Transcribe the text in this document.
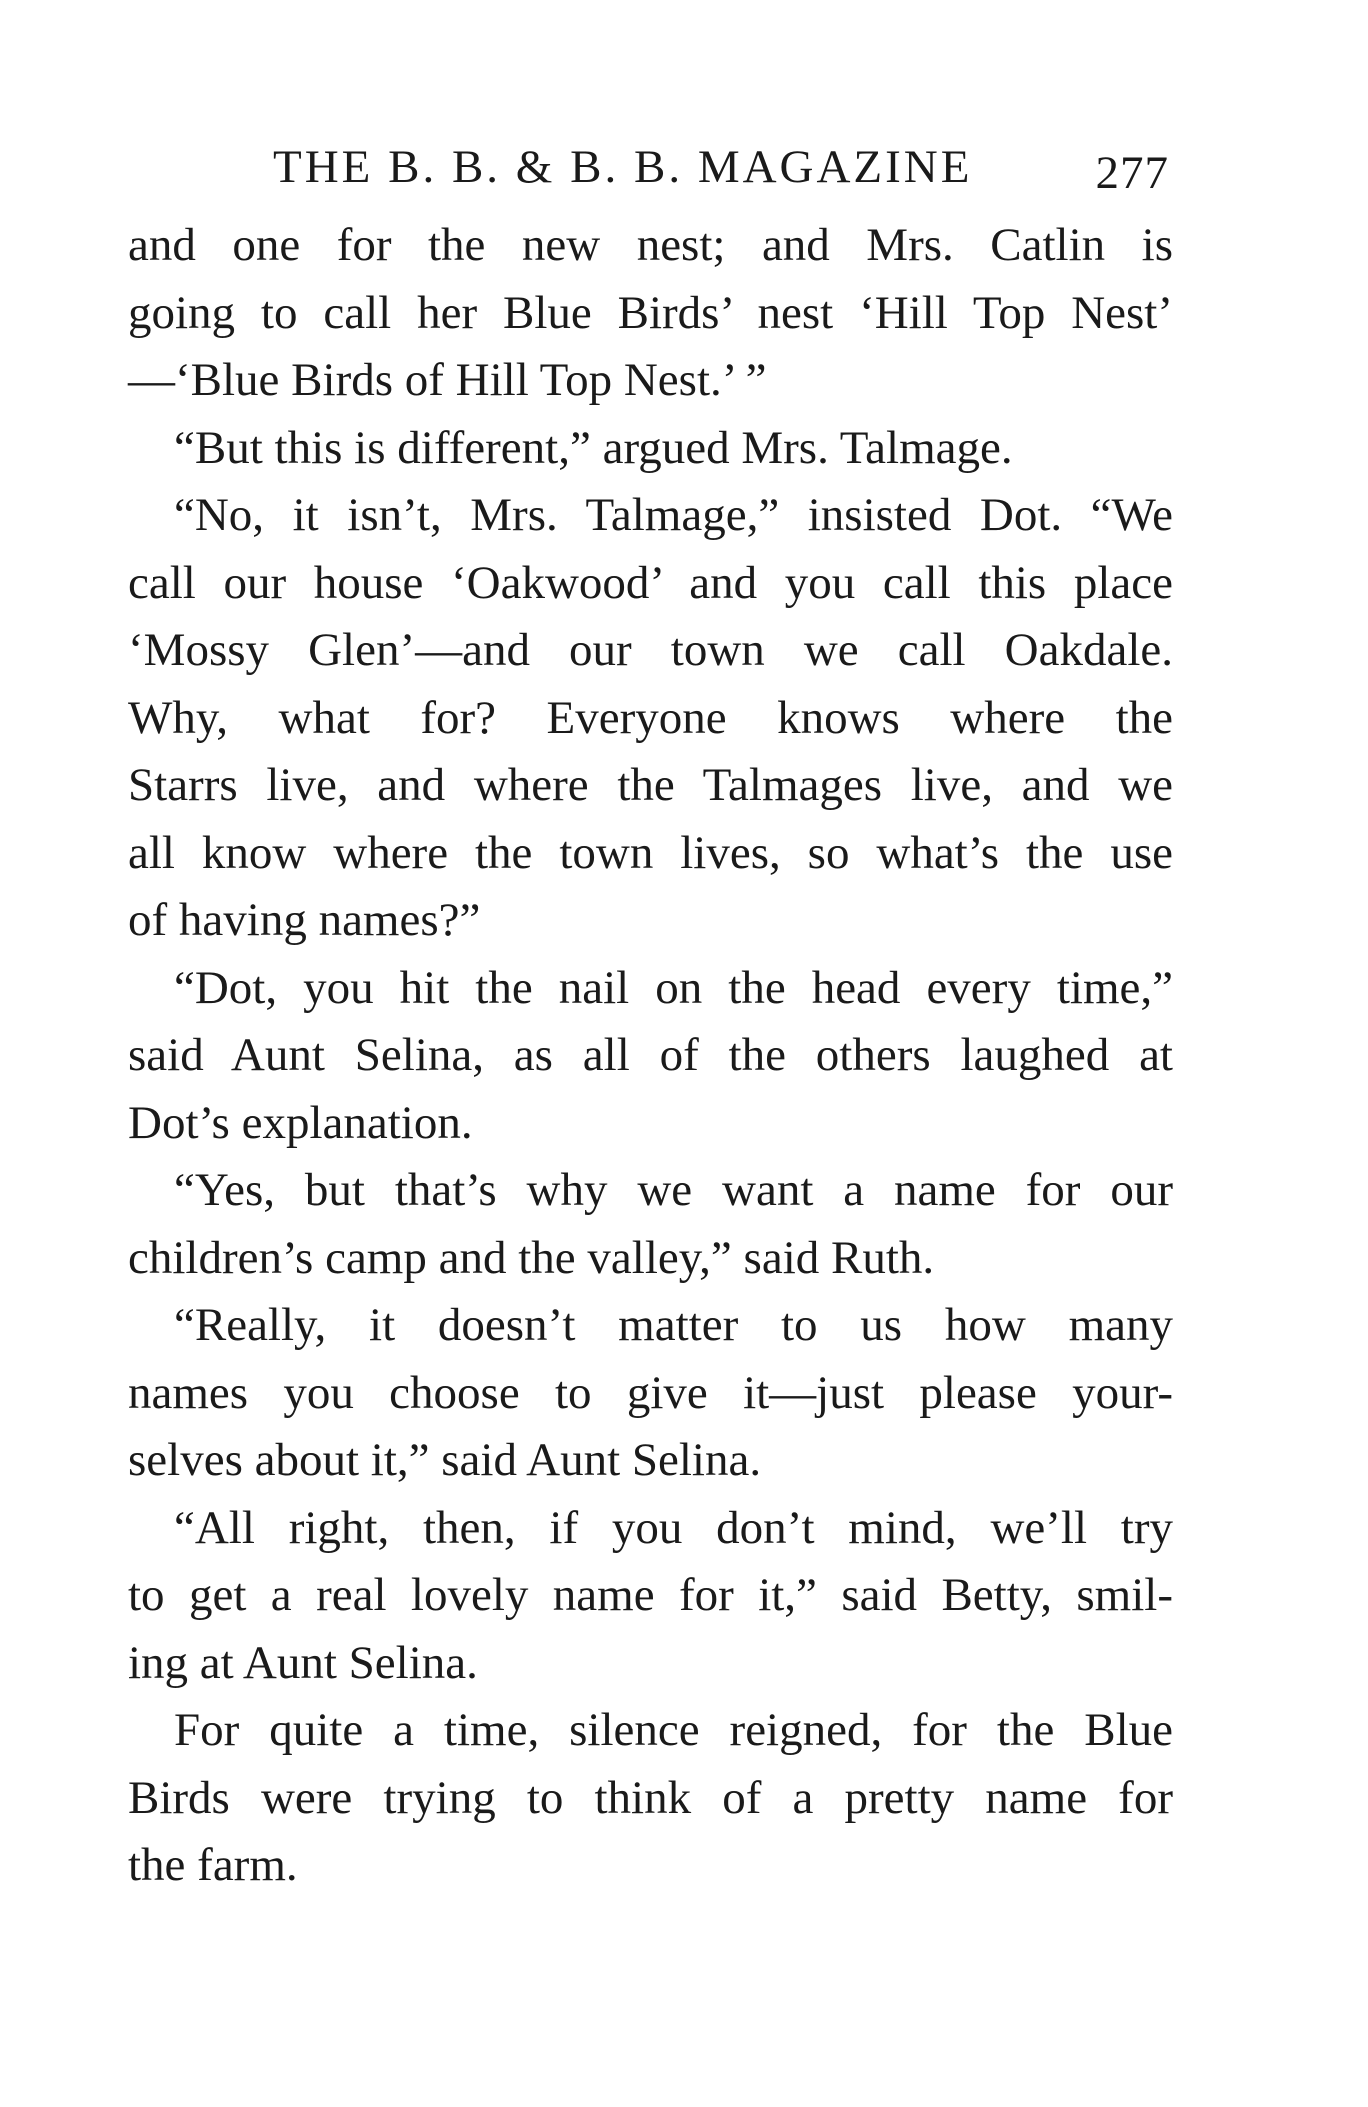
THE B. B. & B. B. MAGAZINE	277
and one for the new nest; and Mrs. Catlin is
going to call her Blue Birds’ nest ‘Hill Top Nest’
—‘Blue Birds of Hill Top Nest.’ ”
“But this is different,” argued Mrs. Talmage.
“No, it isn’t, Mrs. Talmage,” insisted Dot. “We
call our house ‘Oakwood’ and you call this place
‘Mossy Glen’—and our town we call Oakdale.
Why, what for? Everyone knows where the
Starrs live, and where the Talmages live, and we
all know where the town lives, so what’s the use
of having names?”
“Dot, you hit the nail on the head every time,”
said Aunt Selina, as all of the others laughed at
Dot’s explanation.
“Yes, but that’s why we want a name for our
children’s camp and the valley,” said Ruth.
“Really, it doesn’t matter to us how many
names you choose to give it—just please your-
selves about it,” said Aunt Selina.
“All right, then, if you don’t mind, we’ll try
to get a real lovely name for it,” said Betty, smil-
ing at Aunt Selina.
For quite a time, silence reigned, for the Blue
Birds were trying to think of a pretty name for
the farm.
